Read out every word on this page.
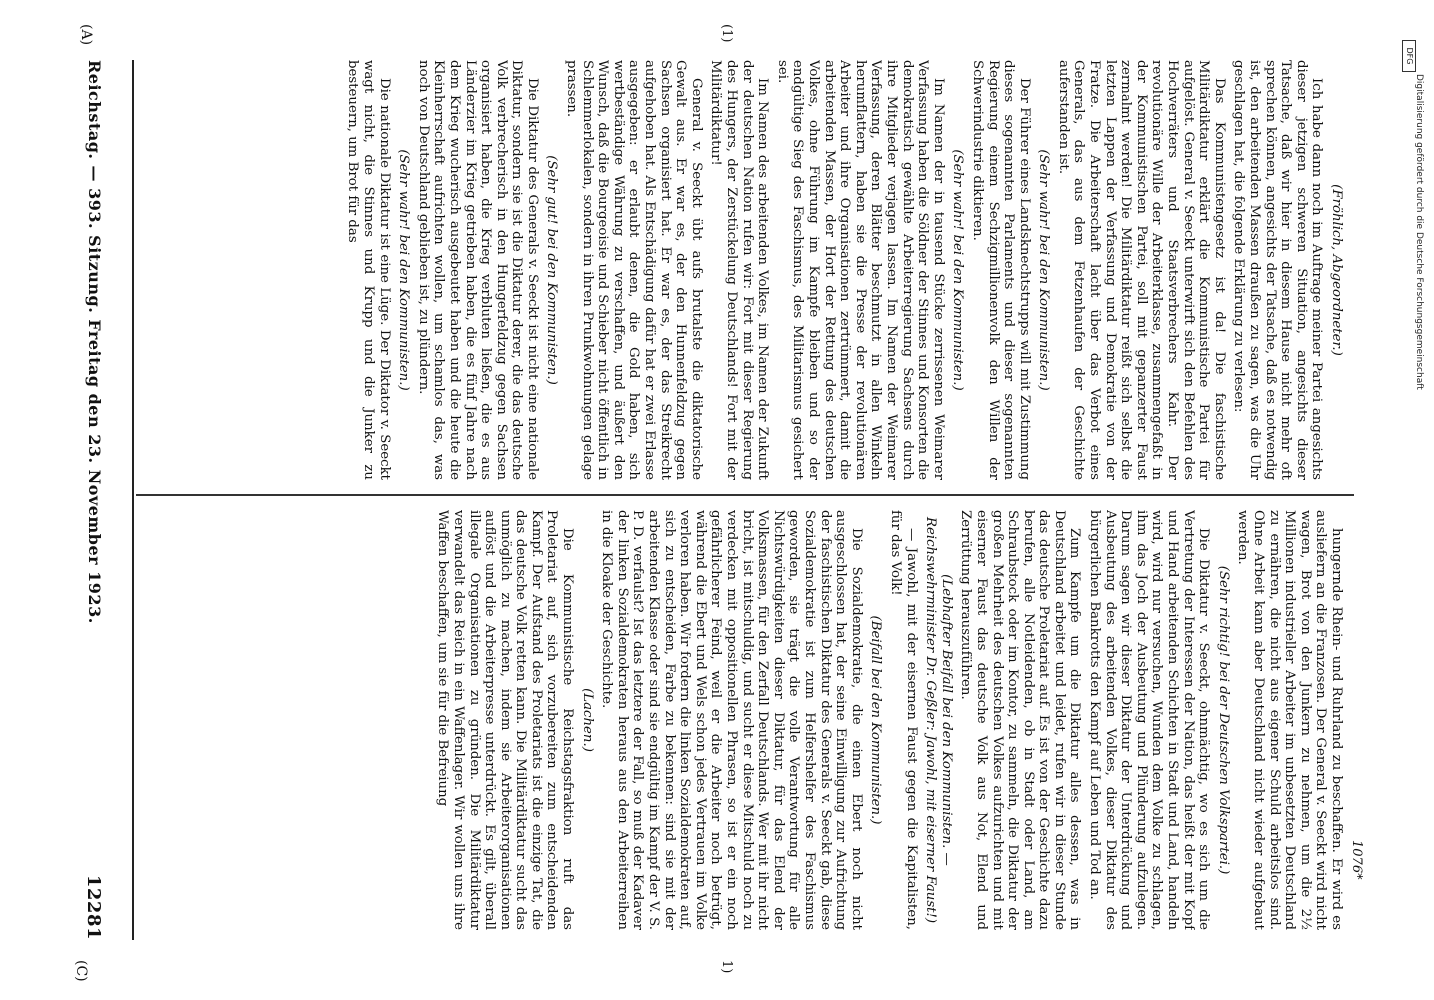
DFG
Digitalisierung gefördert durch die Deutsche Forschungsgemeinschaft
1076*

(Fröhlich, Abgeordneter.)

Ich habe dann noch im Auftrage meiner Partei angesichts dieser jetzigen schweren Situation, angesichts dieser Tatsache, daß wir hier in diesem Hause nicht mehr oft sprechen können, angesichts der Tatsache, daß es notwendig ist, den arbeitenden Massen draußen zu sagen, was die Uhr geschlagen hat, die folgende Erklärung zu verlesen:

Das Kommunistengesetz ist da! Die faschistische Militärdiktatur erklärt die Kommunistische Partei für aufgelöst. General v. Seeckt unterwirft sich den Befehlen des Hochverräters und Staatsverbrechers Kahr. Der revolutionäre Wille der Arbeiterklasse, zusammengefaßt in der Kommunistischen Partei, soll mit gepanzerter Faust zermalmt werden! Die Militärdiktatur reißt sich selbst die letzten Lappen der Verfassung und Demokratie von der Fratze. Die Arbeiterschaft lacht über das Verbot eines Generals, das aus dem Fetzenhaufen der Geschichte auferstanden ist.

(Sehr wahr! bei den Kommunisten.)

Der Führer eines Landsknechtstrupps will mit Zustimmung dieses sogenannten Parlaments und dieser sogenannten Regierung einem Sechzigmillionenvolk den Willen der Schwerindustrie diktieren.

(Sehr wahr! bei den Kommunisten.)

Im Namen der in tausend Stücke zerrissenen Weimarer Verfassung haben die Söldner der Stinnes und Konsorten die demokratisch gewählte Arbeiterregierung Sachsens durch ihre Mitglieder verjagen lassen. Im Namen der Weimarer Verfassung, deren Blätter beschmutzt in allen Winkeln herumflattern, haben sie die Presse der revolutionären Arbeiter und ihre Organisationen zertrümmert, damit die arbeitenden Massen, der Hort der Rettung des deutschen Volkes, ohne Führung im Kampfe bleiben und so der endgültige Sieg des Faschismus, des Militarismus gesichert sei.

Im Namen des arbeitenden Volkes, im Namen der Zukunft der deutschen Nation rufen wir: Fort mit dieser Regierung des Hungers, der Zerstückelung Deutschlands! Fort mit der Militärdiktatur!

General v. Seeckt übt aufs brutalste die diktatorische Gewalt aus. Er war es, der den Hunnenfeldzug gegen Sachsen organisiert hat. Er war es, der das Streikrecht aufgehoben hat. Als Entschädigung dafür hat er zwei Erlasse ausgegeben: er erlaubt denen, die Gold haben, sich wertbeständige Währung zu verschaffen, und äußert den Wunsch, daß die Bourgeoisie und Schieber nicht öffentlich in Schlemmerlokalen, sondern in ihren Prunkwohnungen gelage prassen.

(Sehr gut! bei den Kommunisten.)

Die Diktatur des Generals v. Seeckt ist nicht eine nationale Diktatur, sondern sie ist die Diktatur derer, die das deutsche Volk verbrecherisch in den Hungerfeldzug gegen Sachsen organisiert haben, die Krieg verbluten ließen, die es aus Länderzier im Krieg getrieben haben, die es fünf Jahre nach dem Krieg wucherisch ausgebeutet haben und die heute die Kleinherrschaft aufrichten wollen, um schamlos das, was noch von Deutschland geblieben ist, zu plündern.

(Sehr wahr! bei den Kommunisten.)

Die nationale Diktatur ist eine Lüge. Der Diktator v. Seeckt wagt nicht, die Stinnes und Krupp und die Junker zu besteuern, um Brot für das

hungernde Rhein- und Ruhrland zu beschaffen. Er wird es ausliefern an die Franzosen. Der General v. Seeckt wird nicht wagen, Brot von den Junkern zu nehmen, um die 2½ Millionen industrieller Arbeiter im unbesetzten Deutschland zu ernähren, die nicht aus eigener Schuld arbeitslos sind. Ohne Arbeit kann aber Deutschland nicht wieder aufgebaut werden.

(Sehr richtig! bei der Deutschen Volkspartei.)

Die Diktatur v. Seeckt, ohnmächtig, wo es sich um die Vertretung der Interessen der Nation, das heißt der mit Kopf und Hand arbeitenden Schichten in Stadt und Land, handeln wird, wird nur versuchen, Wunden dem Volke zu schlagen, ihm das Joch der Ausbeutung und Plünderung aufzulegen. Darum sagen wir dieser Diktatur der Unterdrückung und Ausbeutung des arbeitenden Volkes, dieser Diktatur des bürgerlichen Bankrotts den Kampf auf Leben und Tod an.

Zum Kampfe um die Diktatur alles dessen, was in Deutschland arbeitet und leidet, rufen wir in dieser Stunde das deutsche Proletariat auf. Es ist von der Geschichte dazu berufen, alle Notleidenden, ob in Stadt oder Land, am Schraubstock oder im Kontor, zu sammeln, die Diktatur der großen Mehrheit des deutschen Volkes aufzurichten und mit eiserner Faust das deutsche Volk aus Not, Elend und Zerrüttung herauszuführen.

(Lebhafter Beifall bei den Kommunisten. — Reichswehrminister Dr. Geßler: Jawohl, mit eiserner Faust!)

— Jawohl, mit der eisernen Faust gegen die Kapitalisten, für das Volk!

(Beifall bei den Kommunisten.)

Die Sozialdemokratie, die einen Ebert noch nicht ausgeschlossen hat, der seine Einwilligung zur Aufrichtung der faschistischen Diktatur des Generals v. Seeckt gab, diese Sozialdemokratie ist zum Helfershelfer des Faschismus geworden, sie trägt die volle Verantwortung für alle Nichtswürdigkeiten dieser Diktatur, für das Elend der Volksmassen, für den Zerfall Deutschlands. Wer mit ihr nicht bricht, ist mitschuldig, und sucht er diese Mitschuld noch zu verdecken mit oppositionellen Phrasen, so ist er ein noch gefährlicherer Feind, weil er die Arbeiter noch betrügt, während die Ebert und Wels schon jedes Vertrauen im Volke verloren haben. Wir fordern die linken Sozialdemokraten auf, sich zu entscheiden, Farbe zu bekennen: sind sie mit der arbeitenden Klasse oder sind sie endgültig im Kampf der V. S. P. D. verfaulst? Ist das letztere der Fall, so muß der Kadaver der linken Sozialdemokraten heraus aus den Arbeiterreihen in die Kloake der Geschichte.

(Lachen.)

Die Kommunistische Reichstagsfraktion ruft das Proletariat auf, sich vorzubereiten zum entscheidenden Kampf. Der Aufstand des Proletariats ist die einzige Tat, die das deutsche Volk retten kann. Die Militärdiktatur sucht das unmöglich zu machen, indem sie Arbeiterorganisationen auflöst und die Arbeiterpresse unterdrückt. Es gilt, überall illegale Organisationen zu gründen. Die Militärdiktatur verwandelt das Reich in ein Waffenlager. Wir wollen uns ihre Waffen beschaffen, um sie für die Befreiung

Reichstag. — 393. Sitzung. Freitag den 23. November 1923.
12281
(A)	(1)
(C)	1)
